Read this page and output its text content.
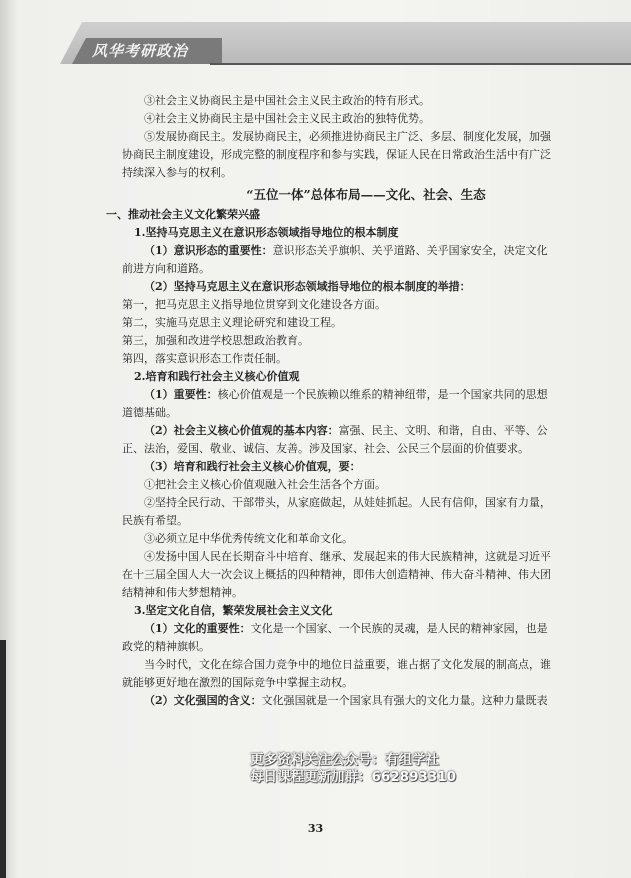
风华考研政治
③社会主义协商民主是中国社会主义民主政治的特有形式。
④社会主义协商民主是中国社会主义民主政治的独特优势。
⑤发展协商民主。发展协商民主，必须推进协商民主广泛、多层、制度化发展，加强
协商民主制度建设，形成完整的制度程序和参与实践，保证人民在日常政治生活中有广泛
持续深入参与的权利。
“五位一体”总体布局——文化、社会、生态
一、推动社会主义文化繁荣兴盛
1.坚持马克思主义在意识形态领域指导地位的根本制度
（1）意识形态的重要性：意识形态关乎旗帜、关乎道路、关乎国家安全，决定文化
前进方向和道路。
（2）坚持马克思主义在意识形态领域指导地位的根本制度的举措：
第一，把马克思主义指导地位贯穿到文化建设各方面。
第二，实施马克思主义理论研究和建设工程。
第三，加强和改进学校思想政治教育。
第四，落实意识形态工作责任制。
2.培育和践行社会主义核心价值观
（1）重要性：核心价值观是一个民族赖以维系的精神纽带，是一个国家共同的思想
道德基础。
（2）社会主义核心价值观的基本内容：富强、民主、文明、和谐，自由、平等、公
正、法治，爱国、敬业、诚信、友善。涉及国家、社会、公民三个层面的价值要求。
（3）培育和践行社会主义核心价值观，要：
①把社会主义核心价值观融入社会生活各个方面。
②坚持全民行动、干部带头，从家庭做起，从娃娃抓起。人民有信仰，国家有力量，
民族有希望。
③必须立足中华优秀传统文化和革命文化。
④发扬中国人民在长期奋斗中培育、继承、发展起来的伟大民族精神，这就是习近平
在十三届全国人大一次会议上概括的四种精神，即伟大创造精神、伟大奋斗精神、伟大团
结精神和伟大梦想精神。
3.坚定文化自信，繁荣发展社会主义文化
（1）文化的重要性：文化是一个国家、一个民族的灵魂，是人民的精神家园，也是
政党的精神旗帜。
当今时代，文化在综合国力竞争中的地位日益重要，谁占据了文化发展的制高点，谁
就能够更好地在激烈的国际竞争中掌握主动权。
（2）文化强国的含义：文化强国就是一个国家具有强大的文化力量。这种力量既表
更多资料关注公众号：有组学社
每日课程更新加群：662893310
33
